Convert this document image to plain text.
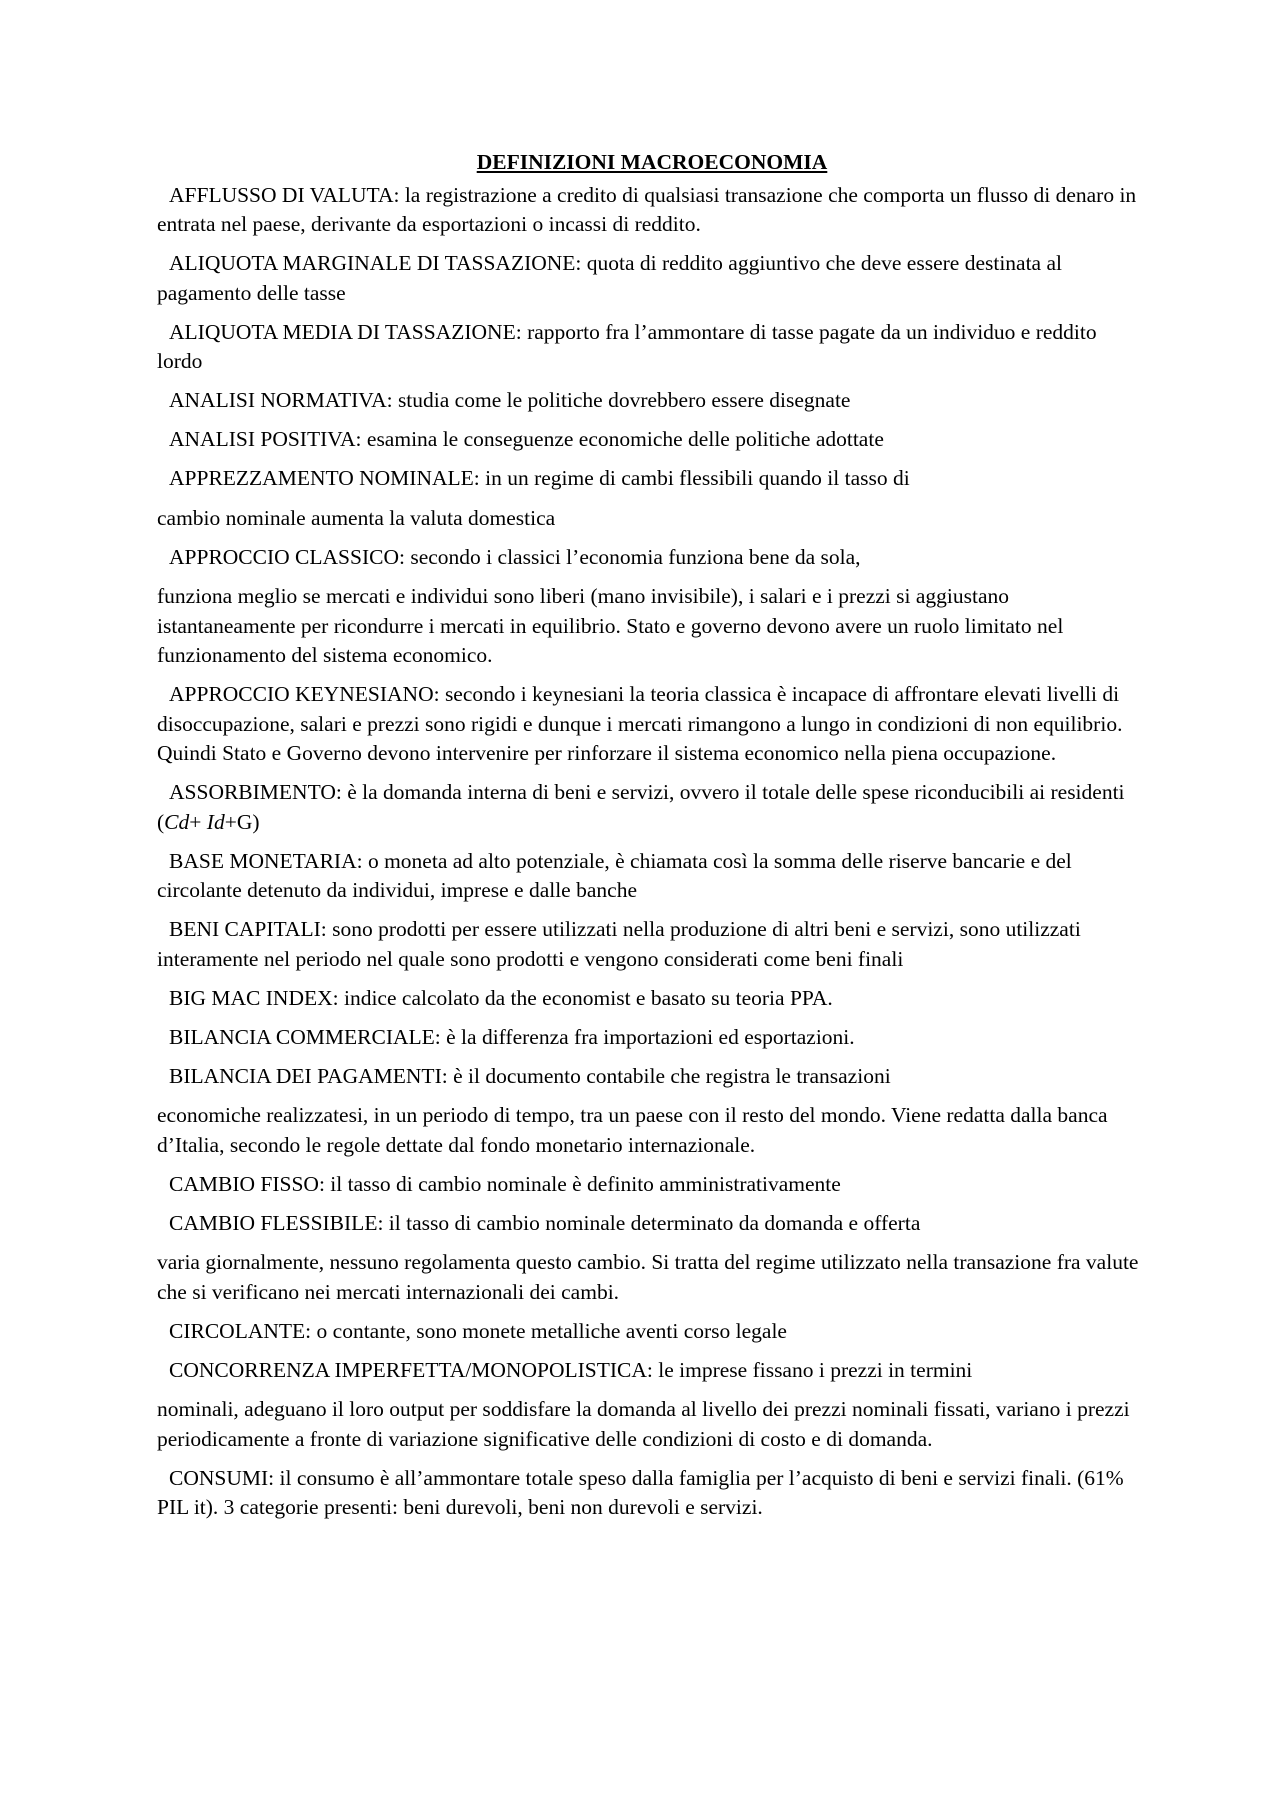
DEFINIZIONI MACROECONOMIA

AFFLUSSO DI VALUTA: la registrazione a credito di qualsiasi transazione che comporta un flusso di denaro in entrata nel paese, derivante da esportazioni o incassi di reddito.

ALIQUOTA MARGINALE DI TASSAZIONE: quota di reddito aggiuntivo che deve essere destinata al pagamento delle tasse

ALIQUOTA MEDIA DI TASSAZIONE: rapporto fra l’ammontare di tasse pagate da un individuo e reddito lordo

ANALISI NORMATIVA: studia come le politiche dovrebbero essere disegnate

ANALISI POSITIVA: esamina le conseguenze economiche delle politiche adottate

APPREZZAMENTO NOMINALE: in un regime di cambi flessibili quando il tasso di
cambio nominale aumenta la valuta domestica

APPROCCIO CLASSICO: secondo i classici l’economia funziona bene da sola,
funziona meglio se mercati e individui sono liberi (mano invisibile), i salari e i prezzi si aggiustano istantaneamente per ricondurre i mercati in equilibrio. Stato e governo devono avere un ruolo limitato nel funzionamento del sistema economico.

APPROCCIO KEYNESIANO: secondo i keynesiani la teoria classica è incapace di affrontare elevati livelli di disoccupazione, salari e prezzi sono rigidi e dunque i mercati rimangono a lungo in condizioni di non equilibrio. Quindi Stato e Governo devono intervenire per rinforzare il sistema economico nella piena occupazione.

ASSORBIMENTO: è la domanda interna di beni e servizi, ovvero il totale delle spese riconducibili ai residenti (Cd+ Id+G)

BASE MONETARIA: o moneta ad alto potenziale, è chiamata così la somma delle riserve bancarie e del circolante detenuto da individui, imprese e dalle banche

BENI CAPITALI: sono prodotti per essere utilizzati nella produzione di altri beni e servizi, sono utilizzati interamente nel periodo nel quale sono prodotti e vengono considerati come beni finali

BIG MAC INDEX: indice calcolato da the economist e basato su teoria PPA.

BILANCIA COMMERCIALE: è la differenza fra importazioni ed esportazioni.

BILANCIA DEI PAGAMENTI: è il documento contabile che registra le transazioni
economiche realizzatesi, in un periodo di tempo, tra un paese con il resto del mondo. Viene redatta dalla banca d’Italia, secondo le regole dettate dal fondo monetario internazionale.

CAMBIO FISSO: il tasso di cambio nominale è definito amministrativamente

CAMBIO FLESSIBILE: il tasso di cambio nominale determinato da domanda e offerta
varia giornalmente, nessuno regolamenta questo cambio. Si tratta del regime utilizzato nella transazione fra valute che si verificano nei mercati internazionali dei cambi.

CIRCOLANTE: o contante, sono monete metalliche aventi corso legale

CONCORRENZA IMPERFETTA/MONOPOLISTICA: le imprese fissano i prezzi in termini
nominali, adeguano il loro output per soddisfare la domanda al livello dei prezzi nominali fissati, variano i prezzi periodicamente a fronte di variazione significative delle condizioni di costo e di domanda.

CONSUMI: il consumo è all’ammontare totale speso dalla famiglia per l’acquisto di beni e servizi finali. (61% PIL it). 3 categorie presenti: beni durevoli, beni non durevoli e servizi.
